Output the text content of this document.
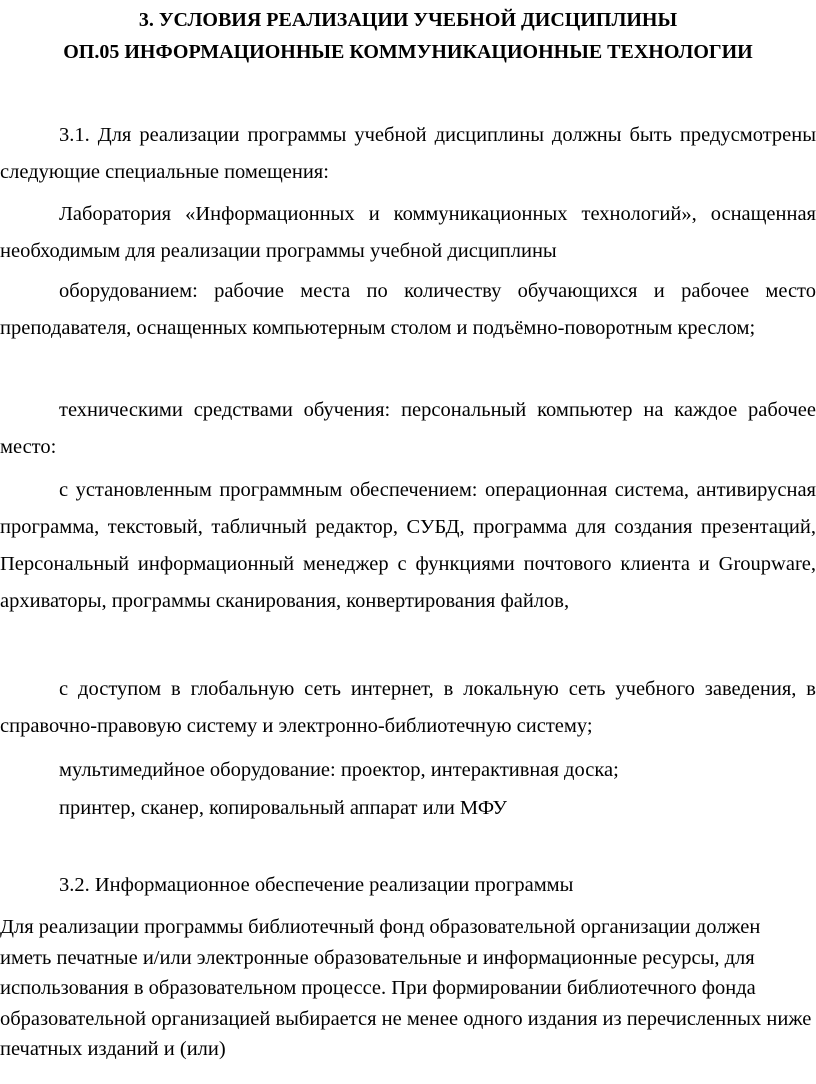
3. УСЛОВИЯ РЕАЛИЗАЦИИ УЧЕБНОЙ ДИСЦИПЛИНЫ
ОП.05 ИНФОРМАЦИОННЫЕ КОММУНИКАЦИОННЫЕ ТЕХНОЛОГИИ

3.1. Для реализации программы учебной дисциплины должны быть предусмотрены следующие специальные помещения:

Лаборатория «Информационных и коммуникационных технологий», оснащенная необходимым для реализации программы учебной дисциплины

оборудованием: рабочие места по количеству обучающихся и рабочее место преподавателя, оснащенных компьютерным столом и подъёмно-поворотным креслом;

техническими средствами обучения: персональный компьютер на каждое рабочее место:

с установленным программным обеспечением: операционная система, антивирусная программа, текстовый, табличный редактор, СУБД, программа для создания презентаций, Персональный информационный менеджер с функциями почтового клиента и Groupware, архиваторы, программы сканирования, конвертирования файлов,

с доступом в глобальную сеть интернет, в локальную сеть учебного заведения, в справочно-правовую систему и электронно-библиотечную систему;

мультимедийное оборудование: проектор, интерактивная доска;

принтер, сканер, копировальный аппарат или МФУ

3.2. Информационное обеспечение реализации программы

Для реализации программы библиотечный фонд образовательной организации должен иметь печатные и/или электронные образовательные и информационные ресурсы, для использования в образовательном процессе. При формировании библиотечного фонда образовательной организацией выбирается не менее одного издания из перечисленных ниже печатных изданий и (или)
